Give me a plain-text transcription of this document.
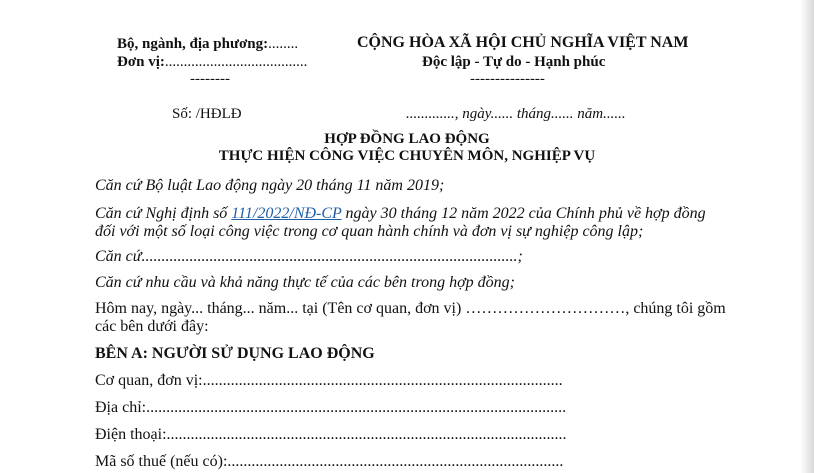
Bộ, ngành, địa phương:........
Đơn vị:......................................
--------
Số: /HĐLĐ
CỘNG HÒA XÃ HỘI CHỦ NGHĨA VIỆT NAM
Độc lập - Tự do - Hạnh phúc
---------------
............., ngày...... tháng...... năm......
HỢP ĐỒNG LAO ĐỘNG
THỰC HIỆN CÔNG VIỆC CHUYÊN MÔN, NGHIỆP VỤ
Căn cứ Bộ luật Lao động ngày 20 tháng 11 năm 2019;
Căn cứ Nghị định số 111/2022/NĐ-CP ngày 30 tháng 12 năm 2022 của Chính phủ về hợp đồng
đối với một số loại công việc trong cơ quan hành chính và đơn vị sự nghiệp công lập;
Căn cứ..............................................................................................;
Căn cứ nhu cầu và khả năng thực tế của các bên trong hợp đồng;
Hôm nay, ngày... tháng... năm... tại (Tên cơ quan, đơn vị) …………………………, chúng tôi gồm
các bên dưới đây:
BÊN A: NGƯỜI SỬ DỤNG LAO ĐỘNG
Cơ quan, đơn vị:..........................................................................................
Địa chỉ:.........................................................................................................
Điện thoại:....................................................................................................
Mã số thuế (nếu có):....................................................................................
